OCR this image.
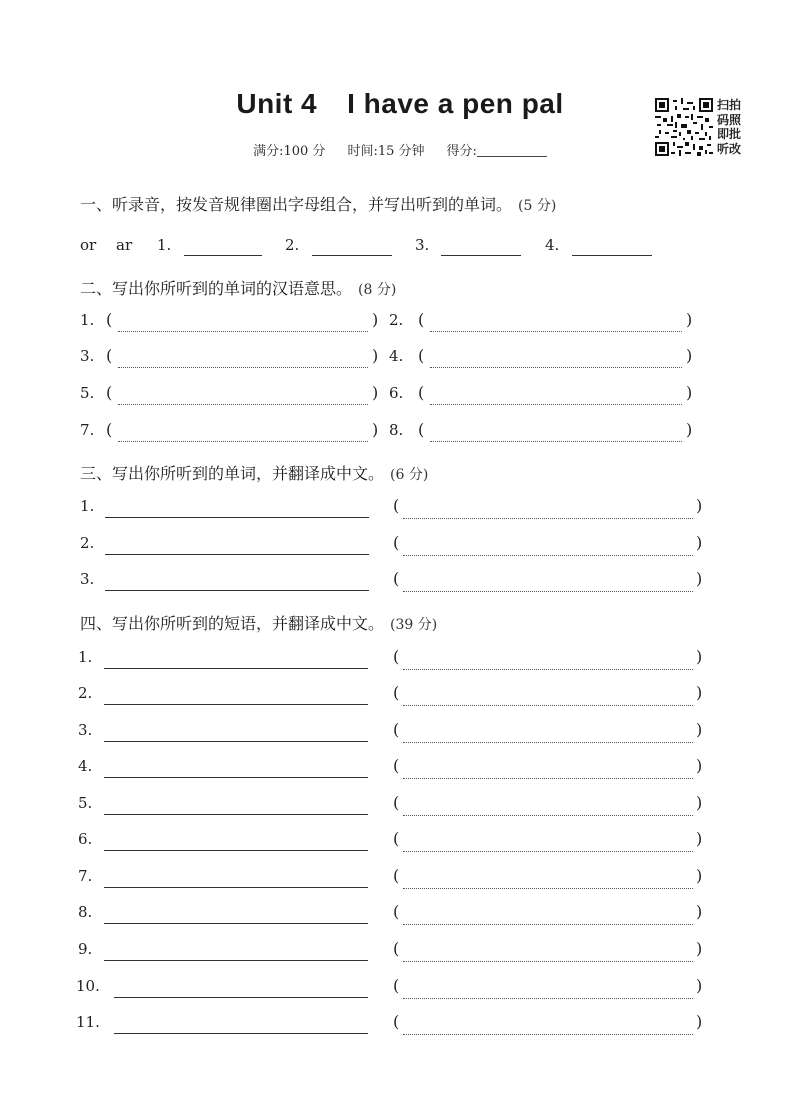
Unit 4 I have a pen pal
满分:100 分 时间:15 分钟 得分:
扫拍
码照
即批
听改
一、听录音，按发音规律圈出字母组合，并写出听到的单词。 (5 分)
or ar 1.	2.	3.	4.
二、写出你所听到的单词的汉语意思。 (8 分)
1. (	) 2. (	)
3. (	) 4. (	)
5. (	) 6. (	)
7. (	) 8. (	)
三、写出你所听到的单词，并翻译成中文。 (6 分)
1.	(	)
2.	(	)
3.	(	)
四、写出你所听到的短语，并翻译成中文。 (39 分)
1.	(	)
2.	(	)
3.	(	)
4.	(	)
5.	(	)
6.	(	)
7.	(	)
8.	(	)
9.	(	)
10.	(	)
11.	(	)
